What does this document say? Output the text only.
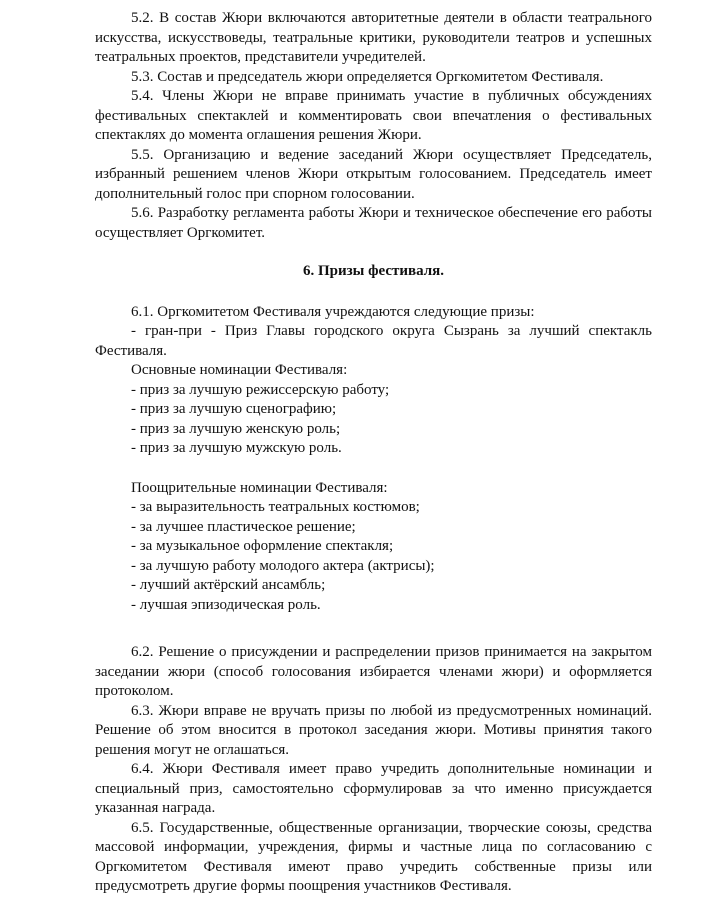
5.2. В состав Жюри включаются авторитетные деятели в области театрального искусства, искусствоведы, театральные критики, руководители театров и успешных театральных проектов, представители учредителей.

5.3. Состав и председатель жюри определяется Оргкомитетом Фестиваля.

5.4. Члены Жюри не вправе принимать участие в публичных обсуждениях фестивальных спектаклей и комментировать свои впечатления о фестивальных спектаклях до момента оглашения решения Жюри.

5.5. Организацию и ведение заседаний Жюри осуществляет Председатель, избранный решением членов Жюри открытым голосованием. Председатель имеет дополнительный голос при спорном голосовании.

5.6. Разработку регламента работы Жюри и техническое обеспечение его работы осуществляет Оргкомитет.

6. Призы фестиваля.

6.1. Оргкомитетом Фестиваля учреждаются следующие призы:

- гран-при - Приз Главы городского округа Сызрань за лучший спектакль Фестиваля.

Основные номинации Фестиваля:

- приз за лучшую режиссерскую работу;

- приз за лучшую сценографию;

- приз за лучшую женскую роль;

- приз за лучшую мужскую роль.

Поощрительные номинации Фестиваля:

- за выразительность театральных костюмов;

- за лучшее пластическое решение;

- за музыкальное оформление спектакля;

- за лучшую работу молодого актера (актрисы);

- лучший актёрский ансамбль;

- лучшая эпизодическая роль.

6.2. Решение о присуждении и распределении призов принимается на закрытом заседании жюри (способ голосования избирается членами жюри) и оформляется протоколом.

6.3. Жюри вправе не вручать призы по любой из предусмотренных номинаций. Решение об этом вносится в протокол заседания жюри. Мотивы принятия такого решения могут не оглашаться.

6.4. Жюри Фестиваля имеет право учредить дополнительные номинации и специальный приз, самостоятельно сформулировав за что именно присуждается указанная награда.

6.5. Государственные, общественные организации, творческие союзы, средства массовой информации, учреждения, фирмы и частные лица по согласованию с Оргкомитетом Фестиваля имеют право учредить собственные призы или предусмотреть другие формы поощрения участников Фестиваля.
